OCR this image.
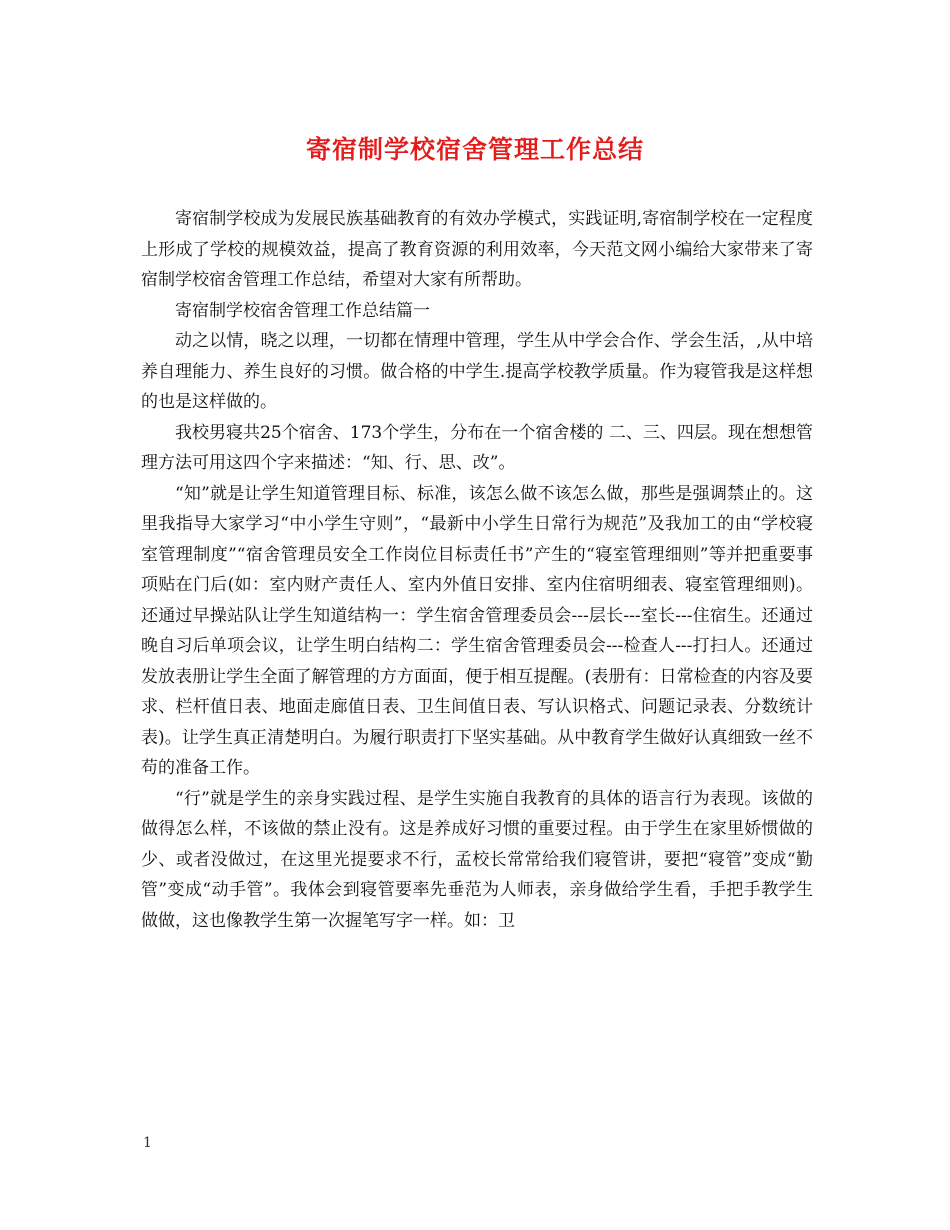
寄宿制学校宿舍管理工作总结

寄宿制学校成为发展民族基础教育的有效办学模式，实践证明,寄宿制学校在一定程度上形成了学校的规模效益，提高了教育资源的利用效率，今天范文网小编给大家带来了寄宿制学校宿舍管理工作总结，希望对大家有所帮助。

寄宿制学校宿舍管理工作总结篇一

动之以情，晓之以理，一切都在情理中管理，学生从中学会合作、学会生活，,从中培养自理能力、养生良好的习惯。做合格的中学生.提高学校教学质量。作为寝管我是这样想的也是这样做的。

我校男寝共25个宿舍、173个学生，分布在一个宿舍楼的 二、三、四层。现在想想管理方法可用这四个字来描述：“知、行、思、改”。

“知”就是让学生知道管理目标、标准，该怎么做不该怎么做，那些是强调禁止的。这里我指导大家学习“中小学生守则”，“最新中小学生日常行为规范”及我加工的由“学校寝室管理制度”“宿舍管理员安全工作岗位目标责任书”产生的“寝室管理细则”等并把重要事项贴在门后(如：室内财产责任人、室内外值日安排、室内住宿明细表、寝室管理细则)。还通过早操站队让学生知道结构一：学生宿舍管理委员会---层长---室长---住宿生。还通过晚自习后单项会议，让学生明白结构二：学生宿舍管理委员会---检查人---打扫人。还通过发放表册让学生全面了解管理的方方面面，便于相互提醒。(表册有：日常检查的内容及要求、栏杆值日表、地面走廊值日表、卫生间值日表、写认识格式、问题记录表、分数统计表)。让学生真正清楚明白。为履行职责打下坚实基础。从中教育学生做好认真细致一丝不苟的准备工作。

“行”就是学生的亲身实践过程、是学生实施自我教育的具体的语言行为表现。该做的做得怎么样，不该做的禁止没有。这是养成好习惯的重要过程。由于学生在家里娇惯做的少、或者没做过，在这里光提要求不行，孟校长常常给我们寝管讲，要把“寝管”变成“勤管”变成“动手管”。我体会到寝管要率先垂范为人师表，亲身做给学生看，手把手教学生做做，这也像教学生第一次握笔写字一样。如：卫

1
